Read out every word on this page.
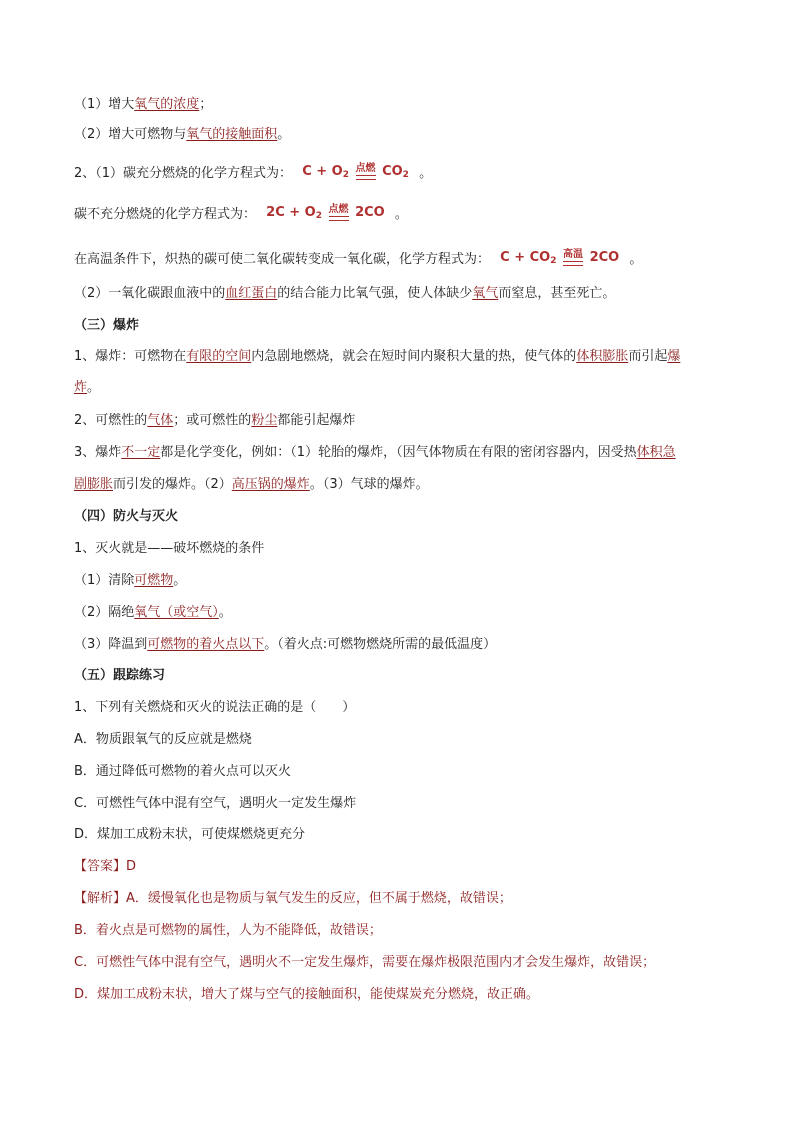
（1）增大氧气的浓度；
（2）增大可燃物与氧气的接触面积。
2、（1）碳充分燃烧的化学方程式为： $C + O_2$
点燃 $CO_2$ 。
碳不充分燃烧的化学方程式为： $2C + O_2$
点燃 2CO 。
在高温条件下，炽热的碳可使二氧化碳转变成一氧化碳，化学方程式为： $C + CO_2$
高温 2CO 。
（2）一氧化碳跟血液中的血红蛋白的结合能力比氧气强，使人体缺少氧气而窒息，甚至死亡。
（三）爆炸
1、爆炸：可燃物在有限的空间内急剧地燃烧，就会在短时间内聚积大量的热，使气体的体积膨胀而引起爆
炸。
2、可燃性的气体；或可燃性的粉尘都能引起爆炸
3、爆炸不一定都是化学变化，例如：（1）轮胎的爆炸，（因气体物质在有限的密闭容器内，因受热体积急
剧膨胀而引发的爆炸。（2）高压锅的爆炸。（3）气球的爆炸。
（四）防火与灭火
1、灭火就是——破坏燃烧的条件
（1）清除可燃物。
（2）隔绝氧气（或空气）。
（3）降温到可燃物的着火点以下。（着火点:可燃物燃烧所需的最低温度）
（五）跟踪练习
1、下列有关燃烧和灭火的说法正确的是（　　）
A．物质跟氧气的反应就是燃烧
B．通过降低可燃物的着火点可以灭火
C．可燃性气体中混有空气，遇明火一定发生爆炸
D．煤加工成粉末状，可使煤燃烧更充分
【答案】D
【解析】A．缓慢氧化也是物质与氧气发生的反应，但不属于燃烧，故错误；
B．着火点是可燃物的属性，人为不能降低，故错误；
C．可燃性气体中混有空气，遇明火不一定发生爆炸，需要在爆炸极限范围内才会发生爆炸，故错误；
D．煤加工成粉末状，增大了煤与空气的接触面积，能使煤炭充分燃烧，故正确。
